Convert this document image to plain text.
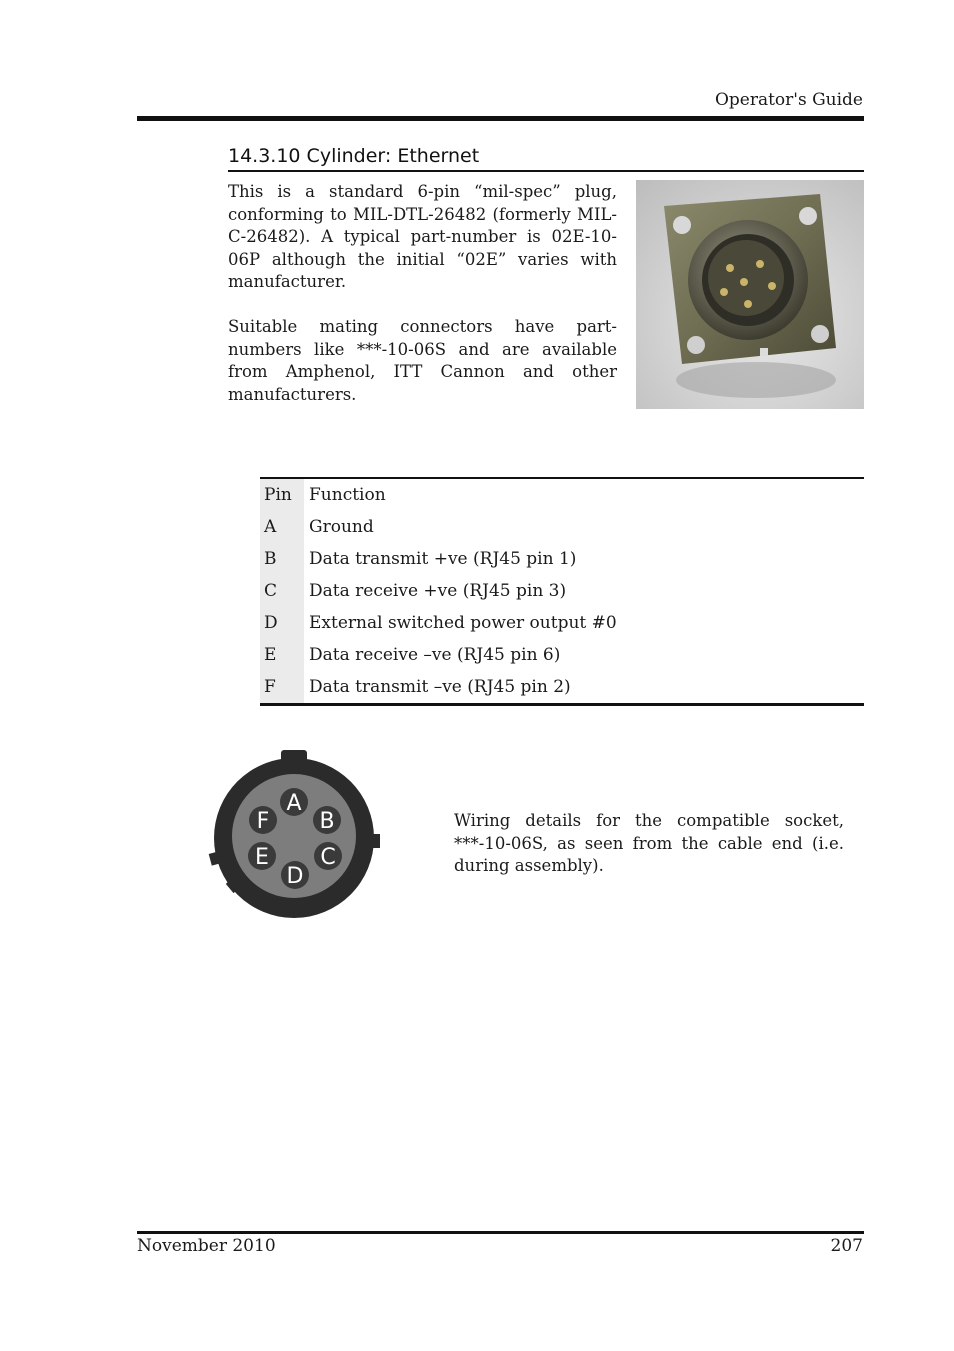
Operator's Guide
14.3.10 Cylinder: Ethernet
This is a standard 6-pin “mil-spec” plug, conforming to MIL-DTL-26482 (formerly MIL-C-26482). A typical part-number is 02E-10-06P although the initial “02E” varies with manufacturer.
Suitable mating connectors have part-numbers like ***-10-06S and are available from Amphenol, ITT Cannon and other manufacturers.
Pin	Function
A	Ground
B	Data transmit +ve (RJ45 pin 1)
C	Data receive +ve (RJ45 pin 3)
D	External switched power output #0
E	Data receive –ve (RJ45 pin 6)
F	Data transmit –ve (RJ45 pin 2)
A
B
C
D
E
F	Wiring details for the compatible socket, ***-10-06S, as seen from the cable end (i.e. during assembly).
November 2010	207
